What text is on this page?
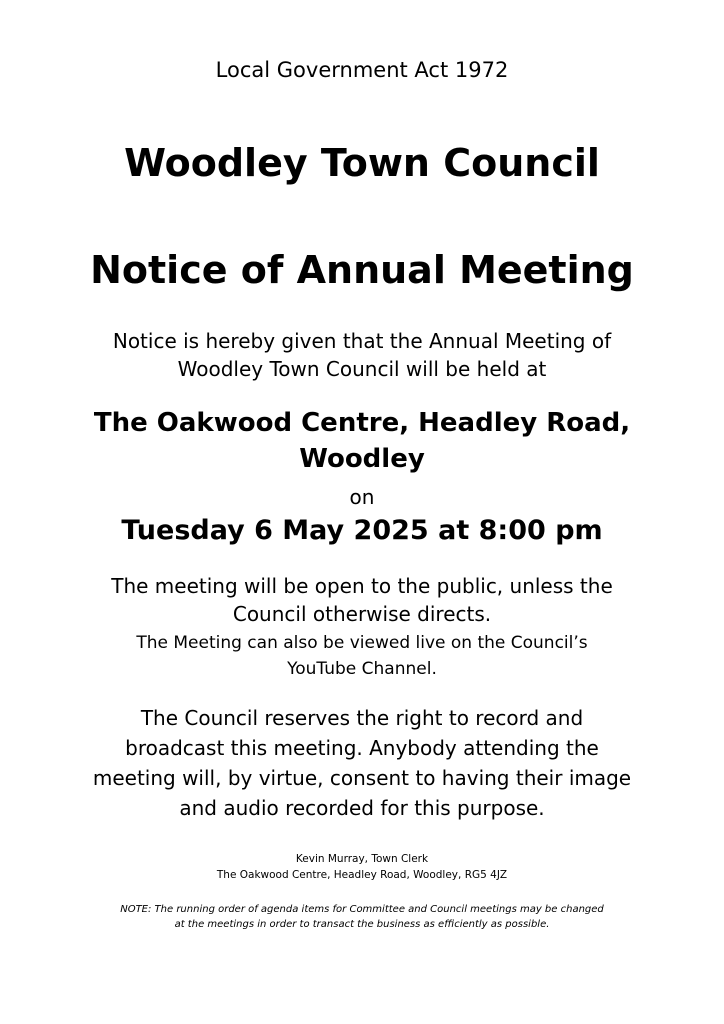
Local Government Act 1972
Woodley Town Council
Notice of Annual Meeting
Notice is hereby given that the Annual Meeting of
Woodley Town Council will be held at
The Oakwood Centre, Headley Road,
Woodley
on
Tuesday 6 May 2025 at 8:00 pm
The meeting will be open to the public, unless the
Council otherwise directs.
The Meeting can also be viewed live on the Council’s
YouTube Channel.
The Council reserves the right to record and
broadcast this meeting. Anybody attending the
meeting will, by virtue, consent to having their image
and audio recorded for this purpose.
Kevin Murray, Town Clerk
The Oakwood Centre, Headley Road, Woodley, RG5 4JZ
NOTE: The running order of agenda items for Committee and Council meetings may be changed
at the meetings in order to transact the business as efficiently as possible.
